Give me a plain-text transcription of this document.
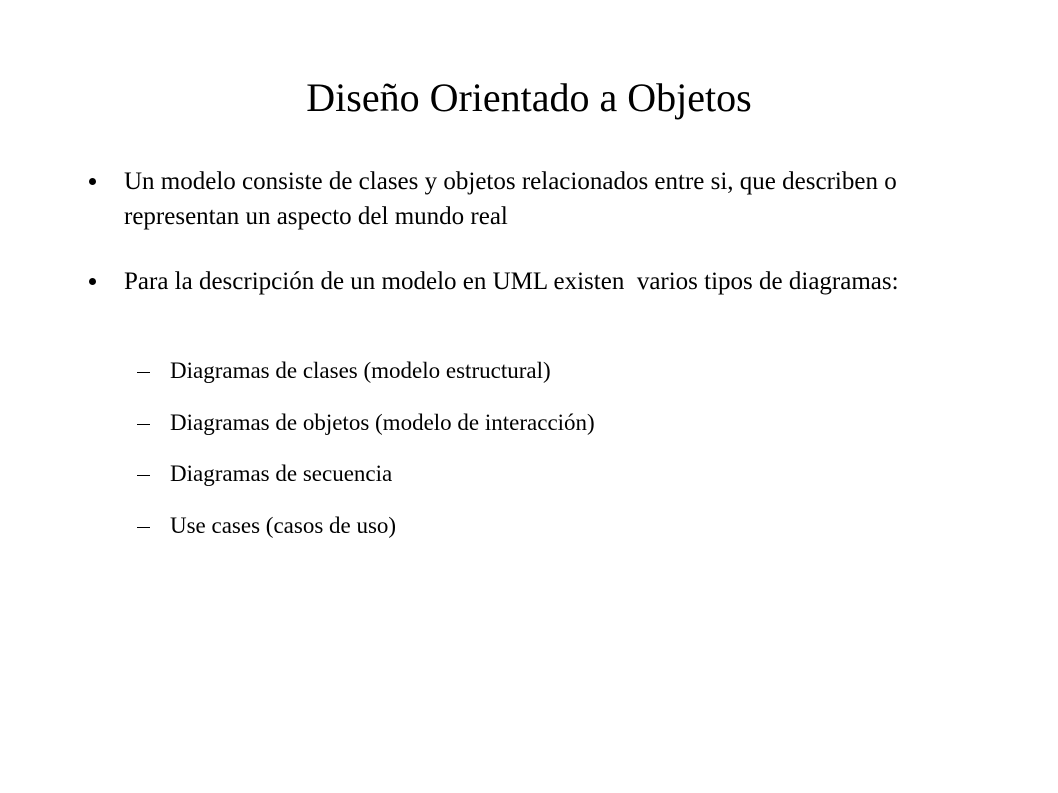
Diseño Orientado a Objetos
Un modelo consiste de clases y objetos relacionados entre si, que describen o representan un aspecto del mundo real
Para la descripción de un modelo en UML existen  varios tipos de diagramas:
Diagramas de clases (modelo estructural)
Diagramas de objetos (modelo de interacción)
Diagramas de secuencia
Use cases (casos de uso)
